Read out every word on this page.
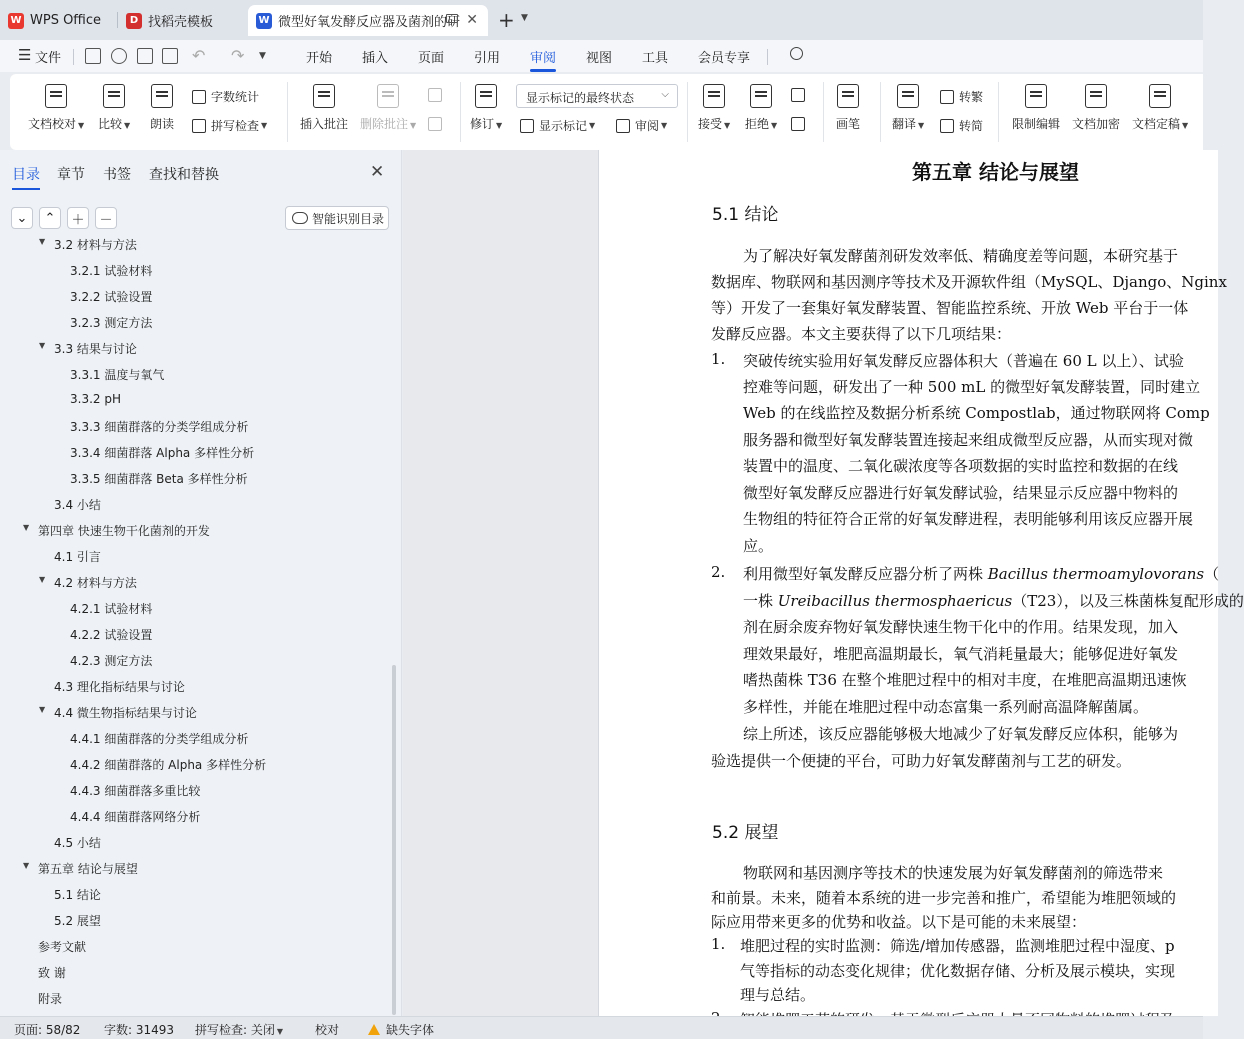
W WPS Office	D 找稻壳模板	W 微型好氧发酵反应器及菌剂的研 ✕ + ▼
☰ 文件	↶ ↷ ▼	开始 插入 页面 引用 审阅 视图 工具 会员专享
文档校对 ▼ 比较 ▼ 朗读
字数统计
拼写检查 ▼	插入批注 删除批注 ▼	修订 ▼
显示标记的最终状态	⌵
显示标记 ▼	审阅 ▼	接受 ▼ 拒绝 ▼	画笔	翻译 ▼
转繁
转简 限制编辑 文档加密 文档定稿 ▼
目录 章节 书签 查找和替换	✕
⌄ ⌃ ＋ －	智能识别目录
▼ 3.2 材料与方法
3.2.1 试验材料
3.2.2 试验设置
3.2.3 测定方法
▼ 3.3 结果与讨论
3.3.1 温度与氧气
3.3.2 pH
3.3.3 细菌群落的分类学组成分析
3.3.4 细菌群落 Alpha 多样性分析
3.3.5 细菌群落 Beta 多样性分析
3.4 小结
▼ 第四章 快速生物干化菌剂的开发
4.1 引言
▼ 4.2 材料与方法
4.2.1 试验材料
4.2.2 试验设置
4.2.3 测定方法
4.3 理化指标结果与讨论
▼ 4.4 微生物指标结果与讨论
4.4.1 细菌群落的分类学组成分析
4.4.2 细菌群落的 Alpha 多样性分析
4.4.3 细菌群落多重比较
4.4.4 细菌群落网络分析
4.5 小结
▼ 第五章 结论与展望
5.1 结论
5.2 展望
参考文献
致 谢
附录
第五章 结论与展望
5.1 结论
为了解决好氧发酵菌剂研发效率低、精确度差等问题，本研究基于
数据库、物联网和基因测序等技术及开源软件组（MySQL、Django、Nginx
等）开发了一套集好氧发酵装置、智能监控系统、开放 Web 平台于一体
发酵反应器。本文主要获得了以下几项结果：
1. 突破传统实验用好氧发酵反应器体积大（普遍在 60 L 以上）、试验
控难等问题，研发出了一种 500 mL 的微型好氧发酵装置，同时建立
Web 的在线监控及数据分析系统 Compostlab，通过物联网将 Comp
服务器和微型好氧发酵装置连接起来组成微型反应器，从而实现对微
装置中的温度、二氧化碳浓度等各项数据的实时监控和数据的在线
微型好氧发酵反应器进行好氧发酵试验，结果显示反应器中物料的
生物组的特征符合正常的好氧发酵进程，表明能够利用该反应器开展
应。
2. 利用微型好氧发酵反应器分析了两株 Bacillus thermoamylovorans（
一株 Ureibacillus thermosphaericus（T23），以及三株菌株复配形成的
剂在厨余废弃物好氧发酵快速生物干化中的作用。结果发现，加入
理效果最好，堆肥高温期最长，氧气消耗量最大；能够促进好氧发
嗜热菌株 T36 在整个堆肥过程中的相对丰度，在堆肥高温期迅速恢
多样性，并能在堆肥过程中动态富集一系列耐高温降解菌属。
综上所述，该反应器能够极大地减少了好氧发酵反应体积，能够为
验选提供一个便捷的平台，可助力好氧发酵菌剂与工艺的研发。
5.2 展望
物联网和基因测序等技术的快速发展为好氧发酵菌剂的筛选带来
和前景。未来，随着本系统的进一步完善和推广，希望能为堆肥领域的
际应用带来更多的优势和收益。以下是可能的未来展望：
1. 堆肥过程的实时监测：筛选/增加传感器，监测堆肥过程中湿度、p
气等指标的动态变化规律；优化数据存储、分析及展示模块，实现
理与总结。
页面: 58/82 字数: 31493 拼写检查: 关闭 ▼	校对	缺失字体
